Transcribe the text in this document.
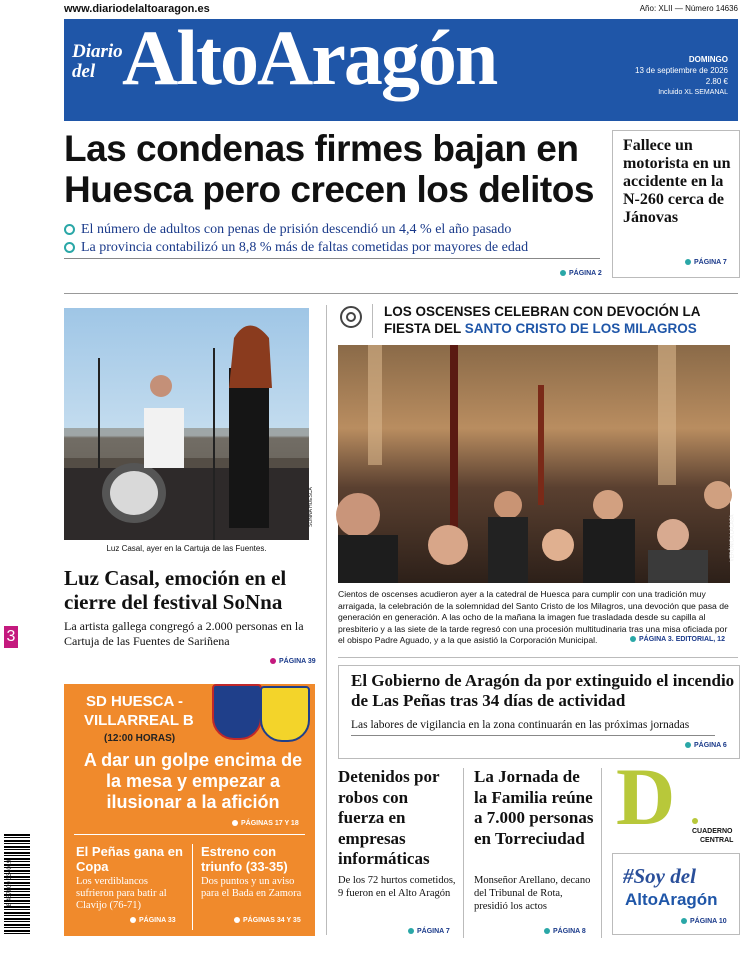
www.diariodelaltoaragon.es	Año: XLII — Número 14636
Diario
del AltoAragón	DOMINGO
13 de septiembre de 2026
2.80 €
Incluido XL SEMANAL
Las condenas firmes bajan en
Huesca pero crecen los delitos
El número de adultos con penas de prisión descendió un 4,4 % el año pasado
La provincia contabilizó un 8,8 % más de faltas cometidas por mayores de edad
PÁGINA 2
Fallece un motorista en un accidente en la N-260 cerca de Jánovas
PÁGINA 7
SONNA HUESCA
Luz Casal, ayer en la Cartuja de las Fuentes.
Luz Casal, emoción en el cierre del festival SoNna
La artista gallega congregó a 2.000 personas en la Cartuja de las Fuentes de Sariñena
PÁGINA 39
LOS OSCENSES CELEBRAN CON DEVOCIÓN LA FIESTA DEL SANTO CRISTO DE LOS MILAGROS
VERÓNICA LACASA
Cientos de oscenses acudieron ayer a la catedral de Huesca para cumplir con una tradición muy arraigada, la celebración de la solemnidad del Santo Cristo de los Milagros, una devoción que pasa de generación en generación. A las ocho de la mañana la imagen fue trasladada desde su capilla al presbiterio y a las siete de la tarde regresó con una procesión multitudinaria tras una misa oficiada por el obispo Padre Aguado, y a la que asistió la Corporación Municipal.	PÁGINA 3. EDITORIAL, 12
SD HUESCA -
VILLARREAL B
(12:00 HORAS)
A dar un golpe encima de la mesa y empezar a ilusionar a la afición
PÁGINAS 17 Y 18
El Peñas gana en Copa
Los verdiblancos sufrieron para batir al Clavijo (76-71)
PÁGINA 33
Estreno con triunfo (33-35)
Dos puntos y un aviso para el Bada en Zamora
PÁGINAS 34 Y 35
El Gobierno de Aragón da por extinguido el incendio de Las Peñas tras 34 días de actividad
Las labores de vigilancia en la zona continuarán en las próximas jornadas
PÁGINA 6
Detenidos por robos con fuerza en empresas informáticas
De los 72 hurtos cometidos, 9 fueron en el Alto Aragón
PÁGINA 7
La Jornada de la Familia reúne a 7.000 personas en Torreciudad
Monseñor Arellano, decano del Tribunal de Rota, presidió los actos
PÁGINA 8
D CUADERNO
CENTRAL
#Soy del
AltoAragón
PÁGINA 10
3
8 437009 334019
